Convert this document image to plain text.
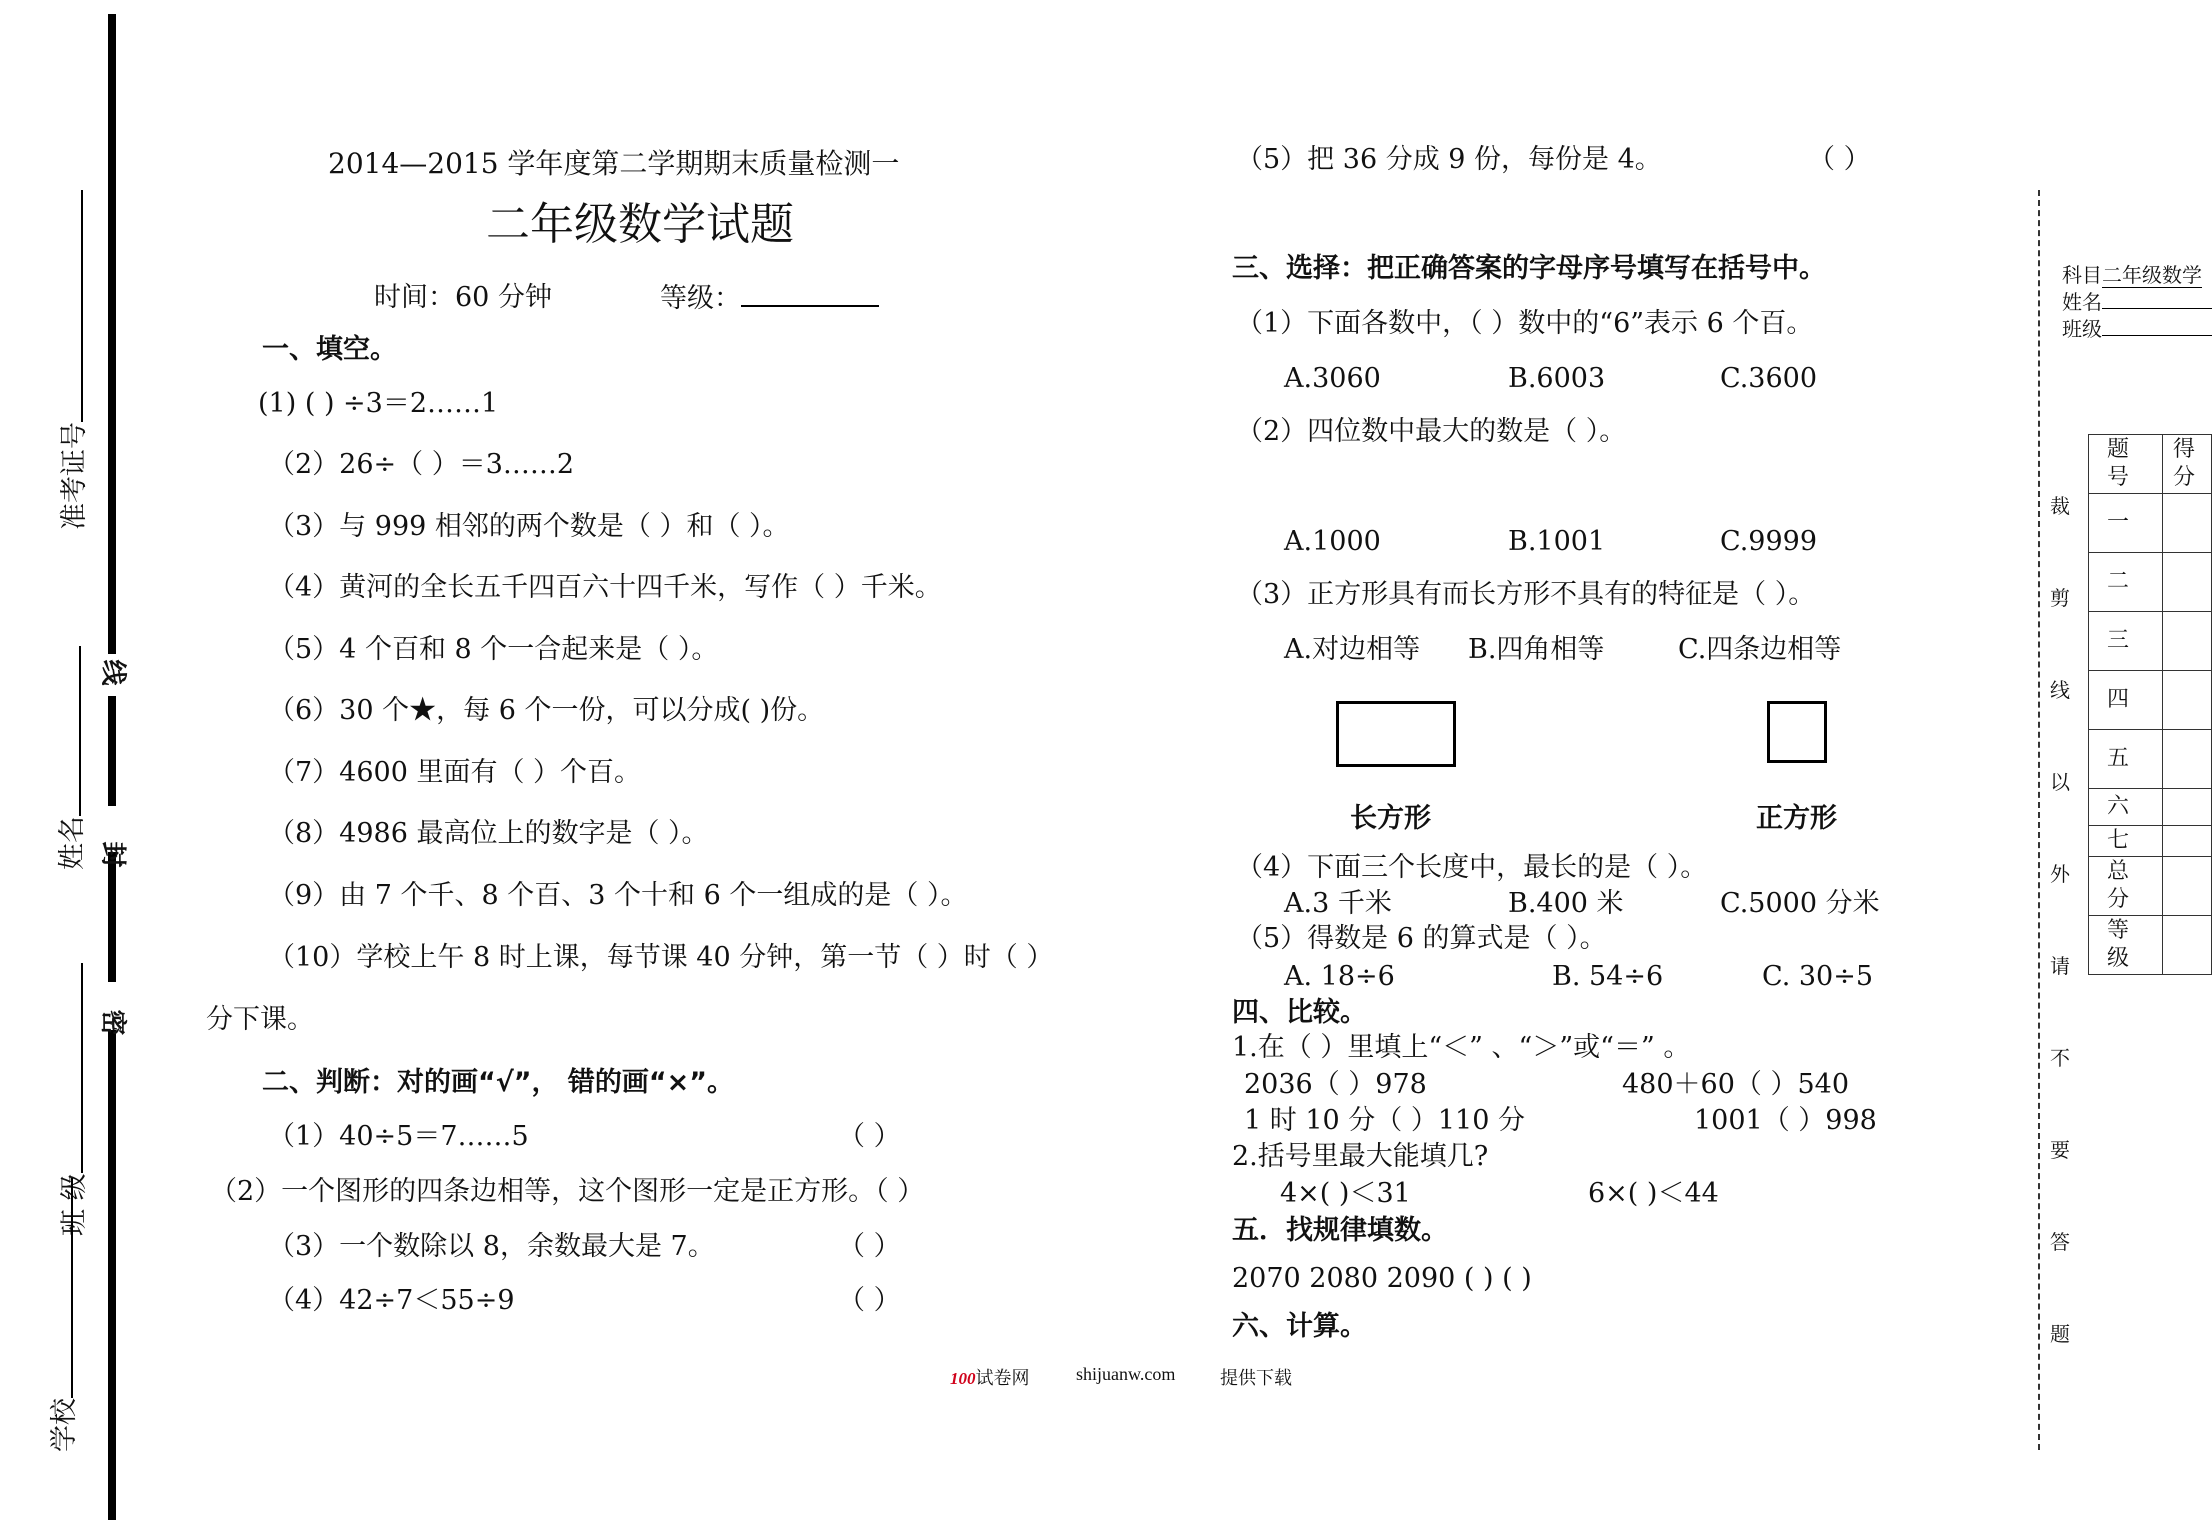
线
封
密
准考证号
姓名
班 级
学校
2014—2015 学年度第二学期期末质量检测一
二年级数学试题
时间：60 分钟	等级：
一、填空。
(1) ( ) ÷3＝2……1
（2）26÷（ ）＝3……2
（3）与 999 相邻的两个数是（ ）和（ ）。
（4）黄河的全长五千四百六十四千米，写作（ ）千米。
（5）4 个百和 8 个一合起来是（ ）。
（6）30 个★，每 6 个一份，可以分成( )份。
（7）4600 里面有（ ）个百。
（8）4986 最高位上的数字是（ ）。
（9）由 7 个千、8 个百、3 个十和 6 个一组成的是（ ）。
（10）学校上午 8 时上课，每节课 40 分钟，第一节（ ）时（ ）
分下课。
二、判断：对的画“√”， 错的画“×”。
（1）40÷5＝7……5	（ ）
（2）一个图形的四条边相等，这个图形一定是正方形。（ ）
（3）一个数除以 8，余数最大是 7。	（ ）
（4）42÷7＜55÷9	（ ）
（5）把 36 分成 9 份，每份是 4。	（ ）
三、选择：把正确答案的字母序号填写在括号中。
（1）下面各数中，（ ）数中的“6”表示 6 个百。
A.3060	B.6003	C.3600
（2）四位数中最大的数是（ ）。
A.1000	B.1001	C.9999
（3）正方形具有而长方形不具有的特征是（ ）。
A.对边相等 B.四角相等	C.四条边相等
长方形	正方形
（4）下面三个长度中，最长的是（ ）。
A.3 千米	B.400 米	C.5000 分米
（5）得数是 6 的算式是（ ）。
A. 18÷6	B. 54÷6	C. 30÷5
四、比较。
1.在（ ）里填上“＜” 、“＞”或“＝” 。
2036（ ）978	480＋60（ ）540
1 时 10 分（ ）110 分	1001（ ）998
2.括号里最大能填几?
4×( )＜31	6×( )＜44
五．找规律填数。
2070 2080 2090 ( ) ( )
六、计算。
100试卷网	shijuanw.com 提供下载
科目二年级数学
姓名
班级
裁剪线以外请不要答题
题号	得分
一	
二	
三	
四	
五	
六	
七	
总分	
等级	
